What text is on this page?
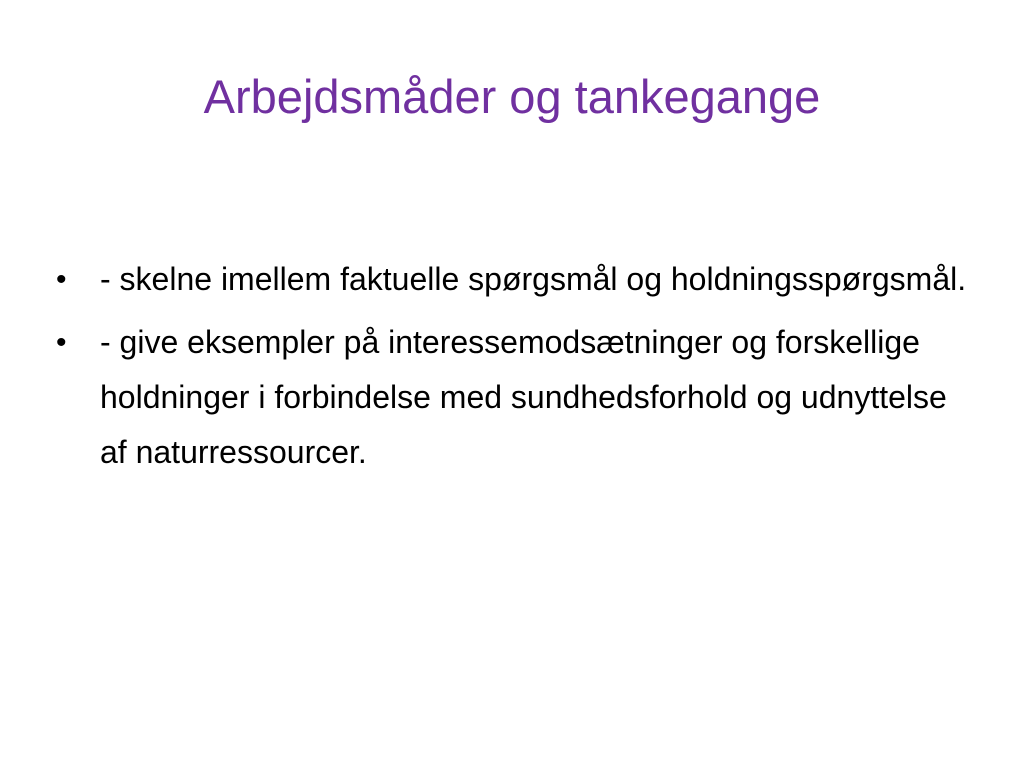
Arbejdsmåder og tankegange
•	- skelne imellem faktuelle spørgsmål og holdningsspørgsmål.
•	- give eksempler på interessemodsætninger og forskellige holdninger i forbindelse med sundhedsforhold og udnyttelse af naturressourcer.
